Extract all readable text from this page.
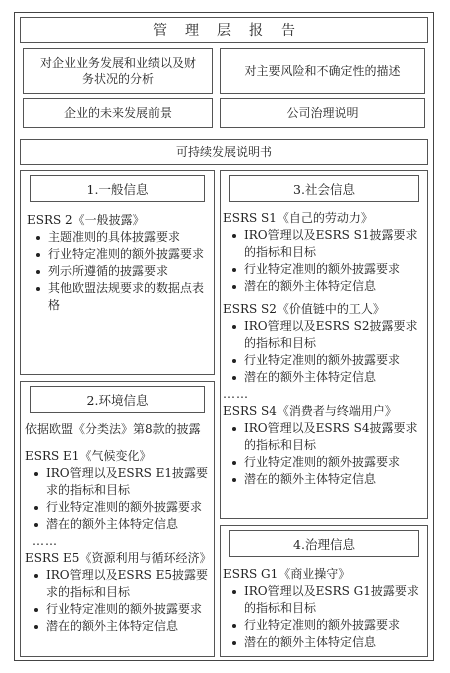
管理层报告
对企业业务发展和业绩以及财务状况的分析
对主要风险和不确定性的描述
企业的未来发展前景	公司治理说明
可持续发展说明书
1.一般信息

ESRS 2《一般披露》

主题准则的具体披露要求
行业特定准则的额外披露要求
列示所遵循的披露要求
其他欧盟法规要求的数据点表格
2.环境信息

依据欧盟《分类法》第8款的披露

ESRS E1《气候变化》

IRO管理以及ESRS E1披露要求的指标和目标
行业特定准则的额外披露要求
潜在的额外主体特定信息

……

ESRS E5《资源利用与循环经济》

IRO管理以及ESRS E5披露要求的指标和目标
行业特定准则的额外披露要求
潜在的额外主体特定信息
3.社会信息

ESRS S1《自己的劳动力》

IRO管理以及ESRS S1披露要求的指标和目标
行业特定准则的额外披露要求
潜在的额外主体特定信息

ESRS S2《价值链中的工人》

IRO管理以及ESRS S2披露要求的指标和目标
行业特定准则的额外披露要求
潜在的额外主体特定信息

……

ESRS S4《消费者与终端用户》

IRO管理以及ESRS S4披露要求的指标和目标
行业特定准则的额外披露要求
潜在的额外主体特定信息
4.治理信息

ESRS G1《商业操守》

IRO管理以及ESRS G1披露要求的指标和目标
行业特定准则的额外披露要求
潜在的额外主体特定信息
